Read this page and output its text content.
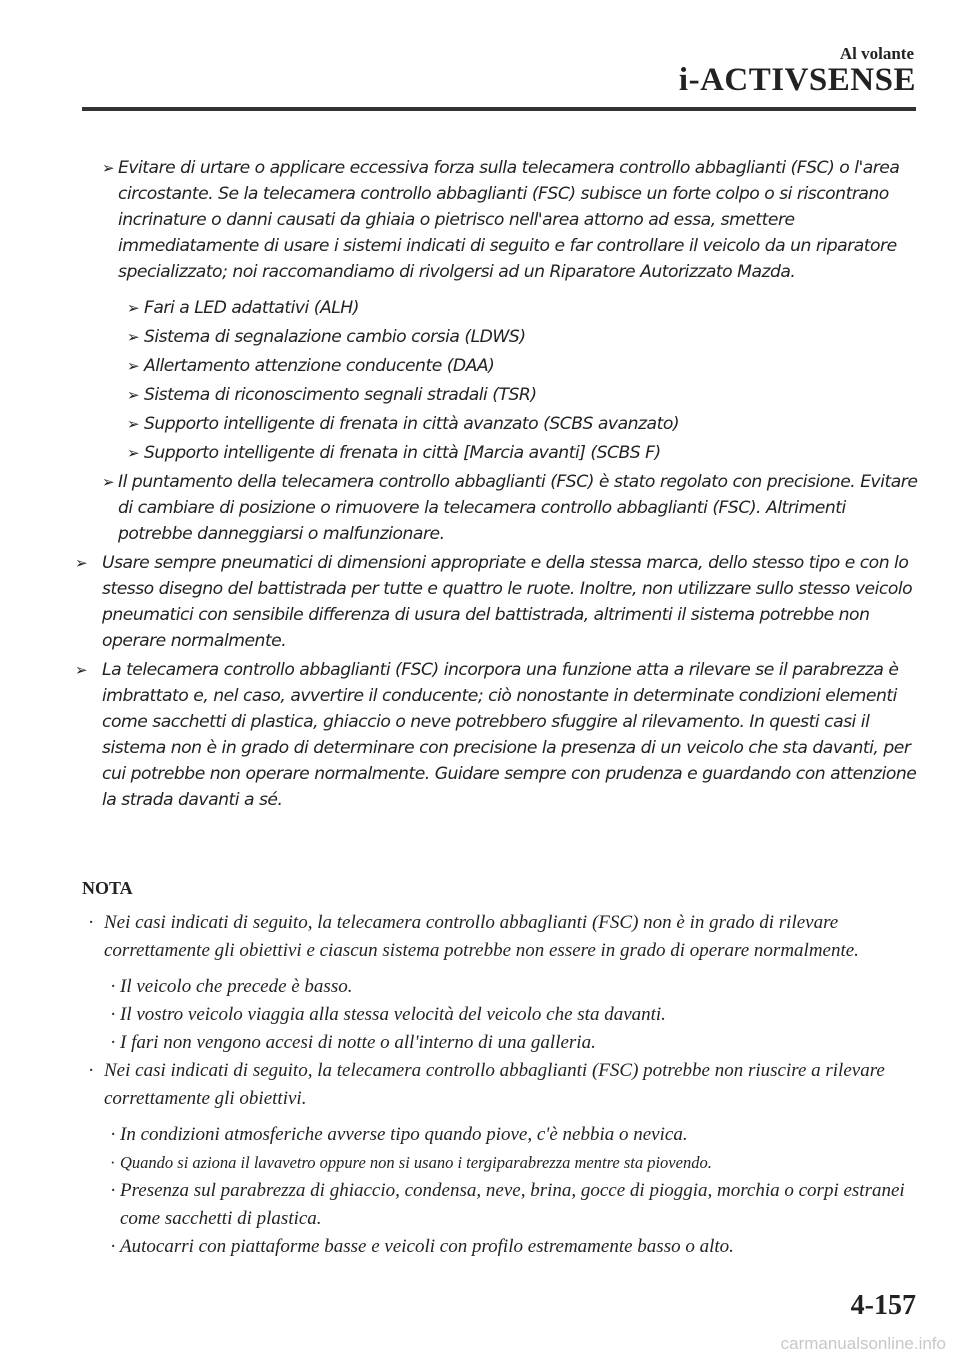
Al volante
i-ACTIVSENSE
➢ Evitare di urtare o applicare eccessiva forza sulla telecamera controllo abbaglianti (FSC) o l'area circostante. Se la telecamera controllo abbaglianti (FSC) subisce un forte colpo o si riscontrano incrinature o danni causati da ghiaia o pietrisco nell'area attorno ad essa, smettere immediatamente di usare i sistemi indicati di seguito e far controllare il veicolo da un riparatore specializzato; noi raccomandiamo di rivolgersi ad un Riparatore Autorizzato Mazda.
➢ Fari a LED adattativi (ALH)
➢ Sistema di segnalazione cambio corsia (LDWS)
➢ Allertamento attenzione conducente (DAA)
➢ Sistema di riconoscimento segnali stradali (TSR)
➢ Supporto intelligente di frenata in città avanzato (SCBS avanzato)
➢ Supporto intelligente di frenata in città [Marcia avanti] (SCBS F)
➢ Il puntamento della telecamera controllo abbaglianti (FSC) è stato regolato con precisione. Evitare di cambiare di posizione o rimuovere la telecamera controllo abbaglianti (FSC). Altrimenti potrebbe danneggiarsi o malfunzionare.
➢ Usare sempre pneumatici di dimensioni appropriate e della stessa marca, dello stesso tipo e con lo stesso disegno del battistrada per tutte e quattro le ruote. Inoltre, non utilizzare sullo stesso veicolo pneumatici con sensibile differenza di usura del battistrada, altrimenti il sistema potrebbe non operare normalmente.
➢ La telecamera controllo abbaglianti (FSC) incorpora una funzione atta a rilevare se il parabrezza è imbrattato e, nel caso, avvertire il conducente; ciò nonostante in determinate condizioni elementi come sacchetti di plastica, ghiaccio o neve potrebbero sfuggire al rilevamento. In questi casi il sistema non è in grado di determinare con precisione la presenza di un veicolo che sta davanti, per cui potrebbe non operare normalmente. Guidare sempre con prudenza e guardando con attenzione la strada davanti a sé.
NOTA
· Nei casi indicati di seguito, la telecamera controllo abbaglianti (FSC) non è in grado di rilevare correttamente gli obiettivi e ciascun sistema potrebbe non essere in grado di operare normalmente.
· Il veicolo che precede è basso.
· Il vostro veicolo viaggia alla stessa velocità del veicolo che sta davanti.
· I fari non vengono accesi di notte o all'interno di una galleria.
· Nei casi indicati di seguito, la telecamera controllo abbaglianti (FSC) potrebbe non riuscire a rilevare correttamente gli obiettivi.
· In condizioni atmosferiche avverse tipo quando piove, c'è nebbia o nevica.
· Quando si aziona il lavavetro oppure non si usano i tergiparabrezza mentre sta piovendo.
· Presenza sul parabrezza di ghiaccio, condensa, neve, brina, gocce di pioggia, morchia o corpi estranei come sacchetti di plastica.
· Autocarri con piattaforme basse e veicoli con profilo estremamente basso o alto.
4-157
carmanualsonline.info
